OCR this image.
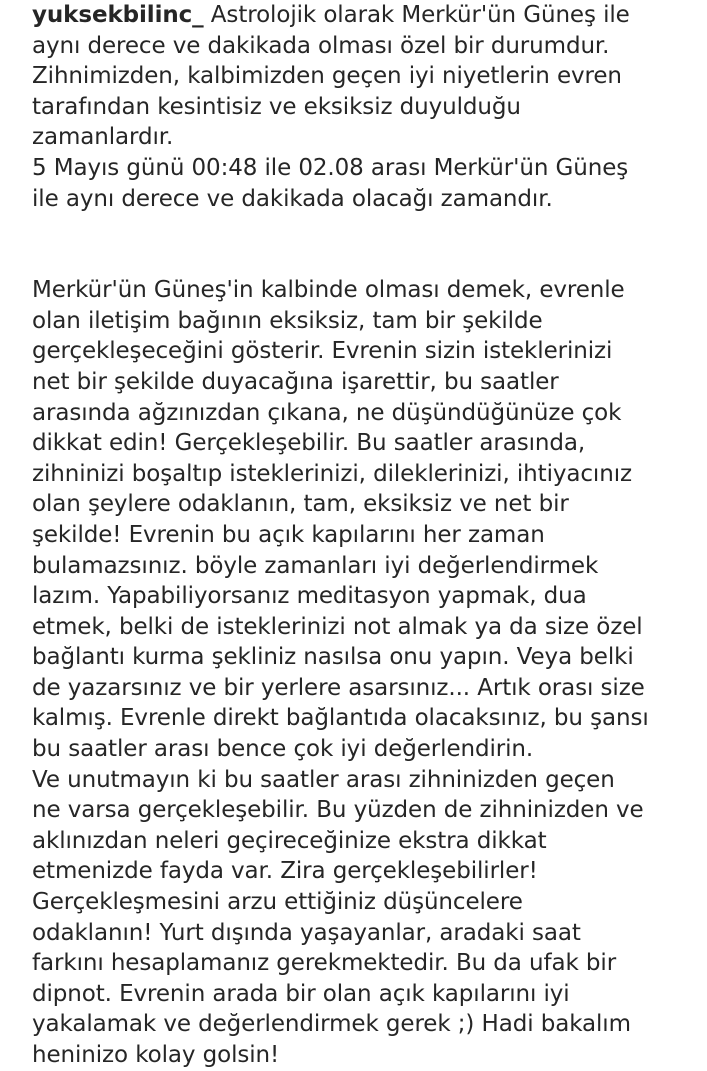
yuksekbilinc_ Astrolojik olarak Merkür'ün Güneş ile
aynı derece ve dakikada olması özel bir durumdur.
Zihnimizden, kalbimizden geçen iyi niyetlerin evren
tarafından kesintisiz ve eksiksiz duyulduğu
zamanlardır.
5 Mayıs günü 00:48 ile 02.08 arası Merkür'ün Güneş
ile aynı derece ve dakikada olacağı zamandır.
Merkür'ün Güneş'in kalbinde olması demek, evrenle
olan iletişim bağının eksiksiz, tam bir şekilde
gerçekleşeceğini gösterir. Evrenin sizin isteklerinizi
net bir şekilde duyacağına işarettir, bu saatler
arasında ağzınızdan çıkana, ne düşündüğünüze çok
dikkat edin! Gerçekleşebilir. Bu saatler arasında,
zihninizi boşaltıp isteklerinizi, dileklerinizi, ihtiyacınız
olan şeylere odaklanın, tam, eksiksiz ve net bir
şekilde! Evrenin bu açık kapılarını her zaman
bulamazsınız. böyle zamanları iyi değerlendirmek
lazım. Yapabiliyorsanız meditasyon yapmak, dua
etmek, belki de isteklerinizi not almak ya da size özel
bağlantı kurma şekliniz nasılsa onu yapın. Veya belki
de yazarsınız ve bir yerlere asarsınız... Artık orası size
kalmış. Evrenle direkt bağlantıda olacaksınız, bu şansı
bu saatler arası bence çok iyi değerlendirin.
Ve unutmayın ki bu saatler arası zihninizden geçen
ne varsa gerçekleşebilir. Bu yüzden de zihninizden ve
aklınızdan neleri geçireceğinize ekstra dikkat
etmenizde fayda var. Zira gerçekleşebilirler!
Gerçekleşmesini arzu ettiğiniz düşüncelere
odaklanın! Yurt dışında yaşayanlar, aradaki saat
farkını hesaplamanız gerekmektedir. Bu da ufak bir
dipnot. Evrenin arada bir olan açık kapılarını iyi
yakalamak ve değerlendirmek gerek ;) Hadi bakalım
heninizo kolay golsin!
